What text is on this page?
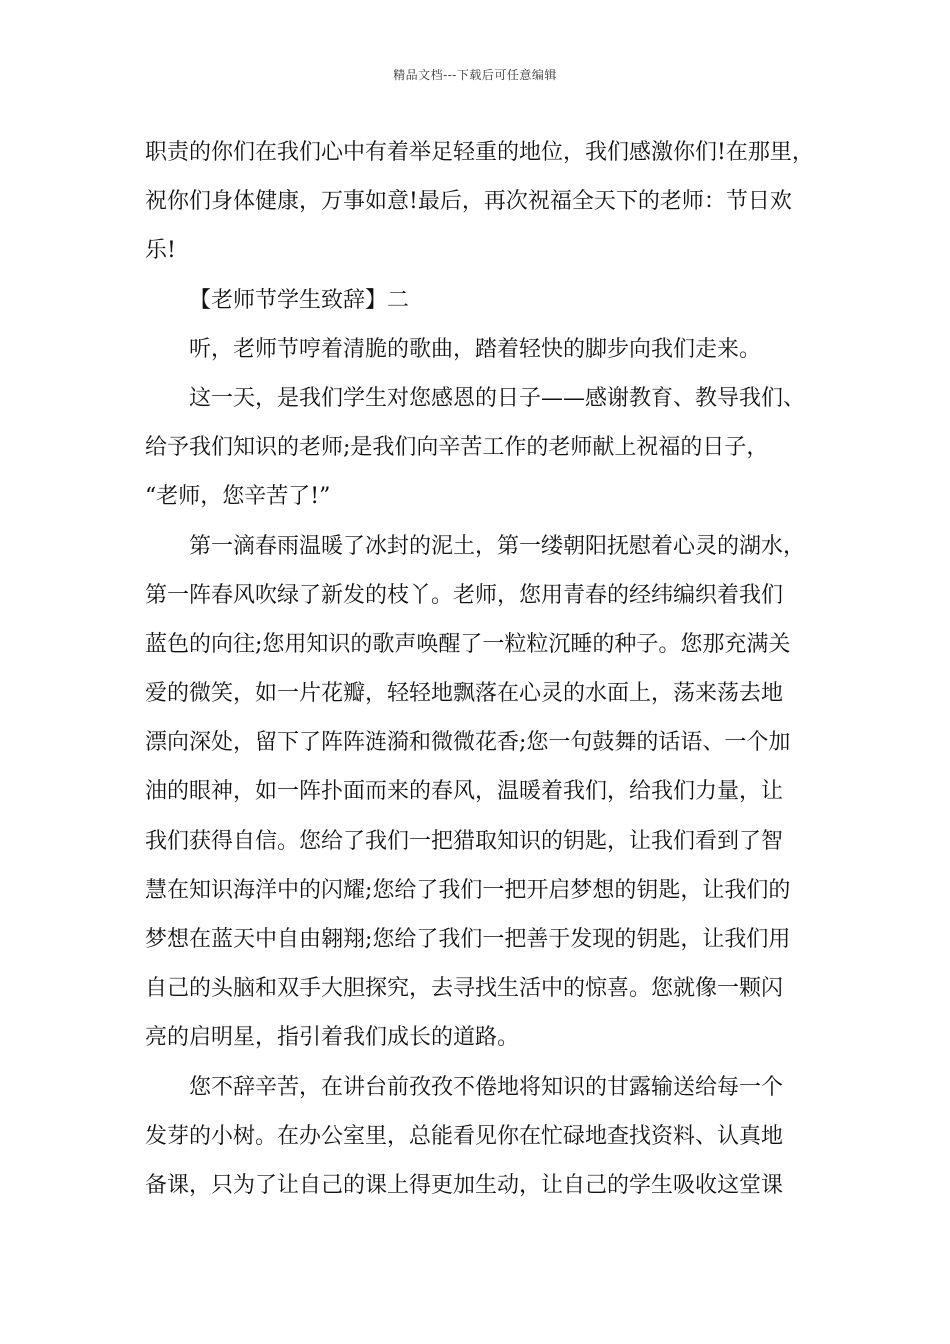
精品文档---下载后可任意编辑
职责的你们在我们心中有着举足轻重的地位，我们感激你们!在那里，
祝你们身体健康，万事如意!最后，再次祝福全天下的老师：节日欢
乐!
【老师节学生致辞】二
听，老师节哼着清脆的歌曲，踏着轻快的脚步向我们走来。
这一天，是我们学生对您感恩的日子——感谢教育、教导我们、
给予我们知识的老师;是我们向辛苦工作的老师献上祝福的日子，
“老师，您辛苦了!”
第一滴春雨温暖了冰封的泥土，第一缕朝阳抚慰着心灵的湖水，
第一阵春风吹绿了新发的枝丫。老师，您用青春的经纬编织着我们
蓝色的向往;您用知识的歌声唤醒了一粒粒沉睡的种子。您那充满关
爱的微笑，如一片花瓣，轻轻地飘落在心灵的水面上，荡来荡去地
漂向深处，留下了阵阵涟漪和微微花香;您一句鼓舞的话语、一个加
油的眼神，如一阵扑面而来的春风，温暖着我们，给我们力量，让
我们获得自信。您给了我们一把猎取知识的钥匙，让我们看到了智
慧在知识海洋中的闪耀;您给了我们一把开启梦想的钥匙，让我们的
梦想在蓝天中自由翱翔;您给了我们一把善于发现的钥匙，让我们用
自己的头脑和双手大胆探究，去寻找生活中的惊喜。您就像一颗闪
亮的启明星，指引着我们成长的道路。
您不辞辛苦，在讲台前孜孜不倦地将知识的甘露输送给每一个
发芽的小树。在办公室里，总能看见你在忙碌地查找资料、认真地
备课，只为了让自己的课上得更加生动，让自己的学生吸收这堂课
